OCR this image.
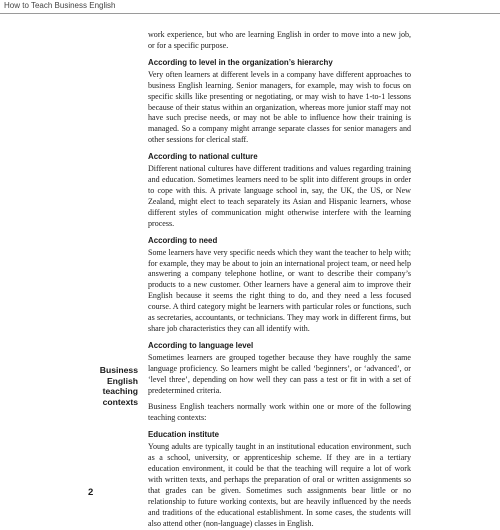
How to Teach Business English
Business
English
teaching
contexts

work experience, but who are learning English in order to move into a new job, or for a specific purpose.

According to level in the organization’s hierarchy

Very often learners at different levels in a company have different approaches to business English learning. Senior managers, for example, may wish to focus on specific skills like presenting or negotiating, or may wish to have 1-to-1 lessons because of their status within an organization, whereas more junior staff may not have such precise needs, or may not be able to influence how their training is managed. So a company might arrange separate classes for senior managers and other sessions for clerical staff.

According to national culture

Different national cultures have different traditions and values regarding training and education. Sometimes learners need to be split into different groups in order to cope with this. A private language school in, say, the UK, the US, or New Zealand, might elect to teach separately its Asian and Hispanic learners, whose different styles of communication might otherwise interfere with the learning process.

According to need

Some learners have very specific needs which they want the teacher to help with; for example, they may be about to join an international project team, or need help answering a company telephone hotline, or want to describe their company’s products to a new customer. Other learners have a general aim to improve their English because it seems the right thing to do, and they need a less focused course. A third category might be learners with particular roles or functions, such as secretaries, accountants, or technicians. They may work in different firms, but share job characteristics they can all identify with.

According to language level

Sometimes learners are grouped together because they have roughly the same language proficiency. So learners might be called ‘beginners’, or ‘advanced’, or ‘level three’, depending on how well they can pass a test or fit in with a set of predetermined criteria.

Business English teachers normally work within one or more of the following teaching contexts:

Education institute

Young adults are typically taught in an institutional education environment, such as a school, university, or apprenticeship scheme. If they are in a tertiary education environment, it could be that the teaching will require a lot of work with written texts, and perhaps the preparation of oral or written assignments so that grades can be given. Sometimes such assignments bear little or no relationship to future working contexts, but are heavily influenced by the needs and traditions of the educational establishment. In some cases, the students will also attend other (non-language) classes in English.

2
